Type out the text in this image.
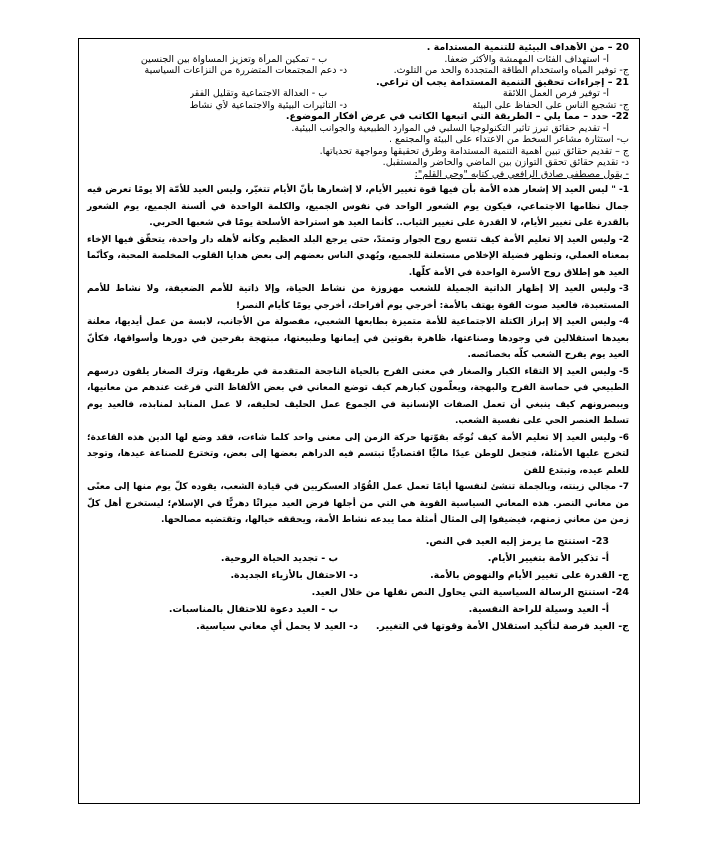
20 – من الأهداف البيئية للتنمية المستدامة .
أ- استهداف الفئات المهمشة والأكثر ضعفا.
ب - تمكين المرأة وتعزيز المساواة بين الجنسين
ج- توفير المياه واستخدام الطاقة المتجددة والحد من التلوث.
د- دعم المجتمعات المتضررة من النزاعات السياسية
21 – إجراءات تحقيق التنمية المستدامة يجب أن تراعي.
أ- توفير فرص العمل اللائقة
ب - العدالة الاجتماعية وتقليل الفقر
ج- تشجيع الناس على الحفاظ على البيئة
د- التأثيرات البيئية والاجتماعية لأي نشاط
22- حدد – مما يلي – الطريقة التي اتبعها الكاتب في عرض أفكار الموضوع.
أ- تقديم حقائق تبرز تأثير التكنولوجيا السلبي في الموارد الطبيعية والجوانب البيئية.
ب- استثارة مشاعر السخط من الاعتداء على البيئة والمجتمع .
ج – تقديم حقائق تبين أهمية التنمية المستدامة وطرق تحقيقها ومواجهة تحدياتها.
د- تقديم حقائق تحقق التوازن بين الماضي والحاضر والمستقبل.
- يقول مصطفى صادق الرافعي في كتابه "وحي القلم":

1-" ليس العيد إلا إشعار هذه الأمة بأن فيها قوة تغيير الأيام، لا إشعارها بأنّ الأيام تتغيّر، وليس العيد للأمّة إلا يومًا تعرض فيه جمال نظامها الاجتماعي، فيكون يوم الشعور الواحد في نفوس الجميع، والكلمة الواحدة في ألسنة الجميع، يوم الشعور بالقدرة على تغيير الأيام، لا القدرة على تغيير الثياب.. كأنما العيد هو استراحة الأسلحة يومًا في شعبها الحربي.

2-وليس العيد إلا تعليم الأمة كيف تتسع روح الجوار وتمتدّ، حتى يرجع البلد العظيم وكأنه لأهله دار واحدة، يتحقّق فيها الإخاء بمعناه العملي، وتظهر فضيلة الإخلاص مستعلنة للجميع، ويُهدي الناس بعضهم إلى بعض هدايا القلوب المخلصة المحبة، وكأنّما العيد هو إطلاق روح الأسرة الواحدة في الأمة كلّها.

3-وليس العيد إلا إظهار الذاتية الجميلة للشعب مهزوزة من نشاط الحياة، وإلا ذاتية للأمم الضعيفة، ولا نشاط للأمم المستعبدة، فالعيد صوت القوة يهتف بالأمة: أخرجي يوم أفراحك، أخرجي يومًا كأيام النصر!

4-وليس العيد إلا إبراز الكتلة الاجتماعية للأمة متميزة بطابعها الشعبي، مفصولة من الأجانب، لابسة من عمل أيديها، معلنة بعيدها استقلالين في وجودها وصناعتها، ظاهرة بقوتين في إيمانها وطبيعتها، مبتهجة بفرحين في دورها وأسواقها، فكأنّ العيد يوم يفرح الشعب كلّه بخصائصه.

5-وليس العيد إلا التقاء الكبار والصغار في معنى الفرح بالحياة الناجحة المتقدمة في طريقها، وترك الصغار يلقون درسهم الطبيعي في حماسة الفرح والبهجة، ويعلّمون كبارهم كيف توضع المعاني في بعض الألفاظ التي فرغت عندهم من معانيها، ويبصرونهم كيف ينبغي أن تعمل الصفات الإنسانية في الجموع عمل الحليف لحليفه، لا عمل المنابذ لمنابذه، فالعيد يوم تسلط العنصر الحي على نفسية الشعب.

6-وليس العيد إلا تعليم الأمة كيف تُوجّه بقوّتها حركة الزمن إلى معنى واحد كلما شاءت، فقد وضع لها الدين هذه القاعدة؛ لتخرج عليها الأمثلة، فتجعل للوطن عيدًا ماليًّا اقتصاديًّا تبتسم فيه الدراهم بعضها إلى بعض، وتخترع للصناعة عيدها، وتوجد للعلم عيده، وتبتدع للفن

7-مجالي زينته، وبالجملة تنشئ لنفسها أيامًا تعمل عمل القُوّاد العسكريين في قيادة الشعب، يقوده كلّ يوم منها إلى معنًى من معاني النصر. هذه المعاني السياسية القوية هي التي من أجلها فرض العيد ميراثًا دهريًّا في الإسلام؛ ليستخرج أهل كلّ زمن من معاني زمنهم، فيضيفوا إلى المثال أمثلة مما يبدعه نشاط الأمة، ويحققه خيالها، وتقتضيه مصالحها.

23- استنتج ما يرمز إليه العيد في النص.
أ- تذكير الأمة بتغيير الأيام.
ب - تجديد الحياة الروحية.
ج- القدرة على تغيير الأيام والنهوض بالأمة.
د- الاحتفال بالأزياء الجديدة.
24- استنتج الرسالة السياسية التي يحاول النص نقلها من خلال العيد.
أ- العيد وسيلة للراحة النفسية.
ب - العيد دعوة للاحتفال بالمناسبات.
ج- العيد فرصة لتأكيد استقلال الأمة وقوتها في التغيير.
د- العيد لا يحمل أي معاني سياسية.
